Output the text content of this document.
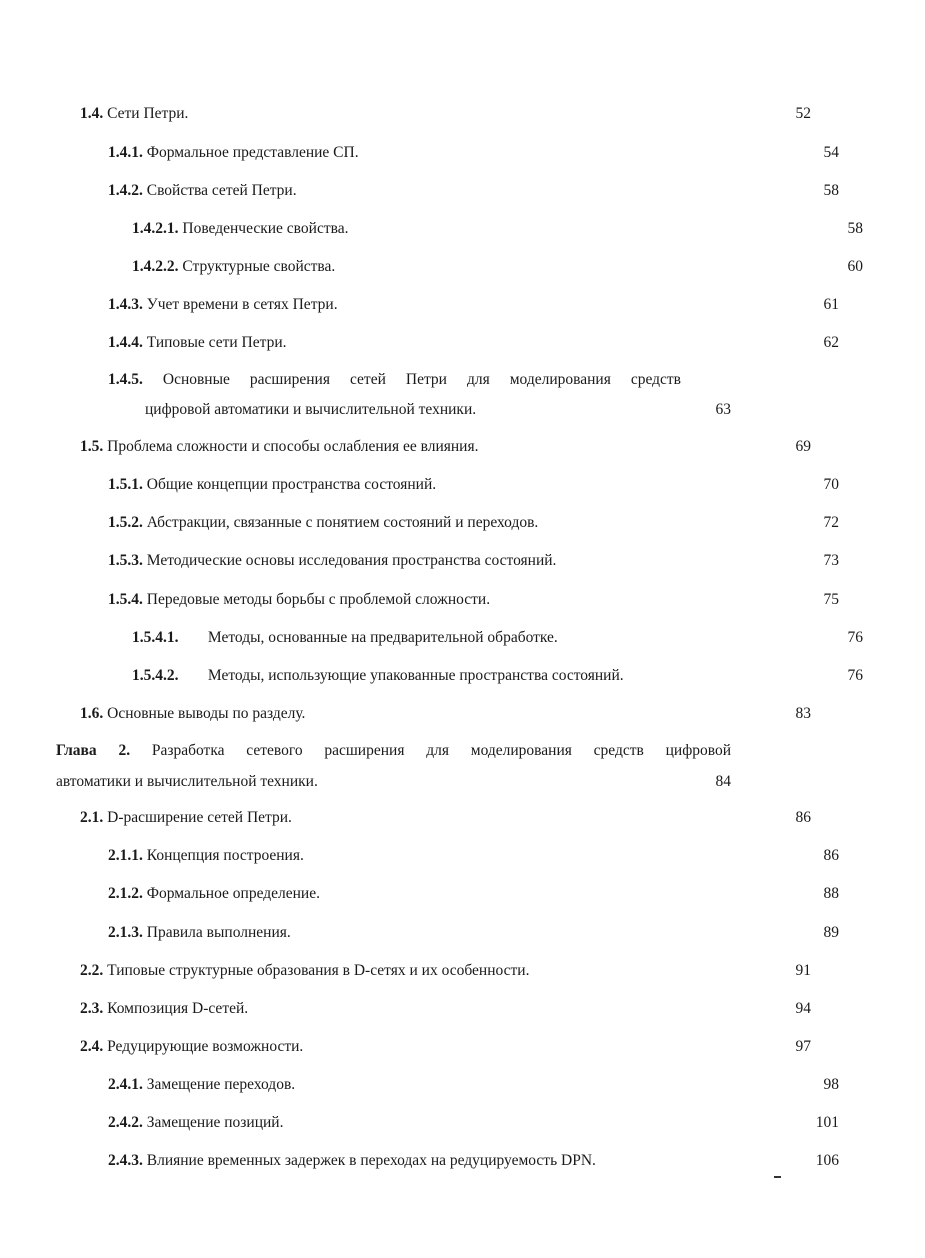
1.4. Сети Петри.	52
1.4.1. Формальное представление СП.	54
1.4.2. Свойства сетей Петри.	58
1.4.2.1. Поведенческие свойства.	58
1.4.2.2. Структурные свойства.	60
1.4.3. Учет времени в сетях Петри.	61
1.4.4. Типовые сети Петри.	62
1.4.5. Основные расширения сетей Петри для моделирования средств
цифровой автоматики и вычислительной техники.	63
1.5. Проблема сложности и способы ослабления ее влияния.	69
1.5.1. Общие концепции пространства состояний.	70
1.5.2. Абстракции, связанные с понятием состояний и переходов.	72
1.5.3. Методические основы исследования пространства состояний.	73
1.5.4. Передовые методы борьбы с проблемой сложности.	75
1.5.4.1. Методы, основанные на предварительной обработке.	76
1.5.4.2. Методы, использующие упакованные пространства состояний.	76
1.6. Основные выводы по разделу.	83
Глава 2. Разработка сетевого расширения для моделирования средств цифровой
автоматики и вычислительной техники.	84
2.1. D-расширение сетей Петри.	86
2.1.1. Концепция построения.	86
2.1.2. Формальное определение.	88
2.1.3. Правила выполнения.	89
2.2. Типовые структурные образования в D-сетях и их особенности.	91
2.3. Композиция D-сетей.	94
2.4. Редуцирующие возможности.	97
2.4.1. Замещение переходов.	98
2.4.2. Замещение позиций.	101
2.4.3. Влияние временных задержек в переходах на редуцируемость DPN.	106
